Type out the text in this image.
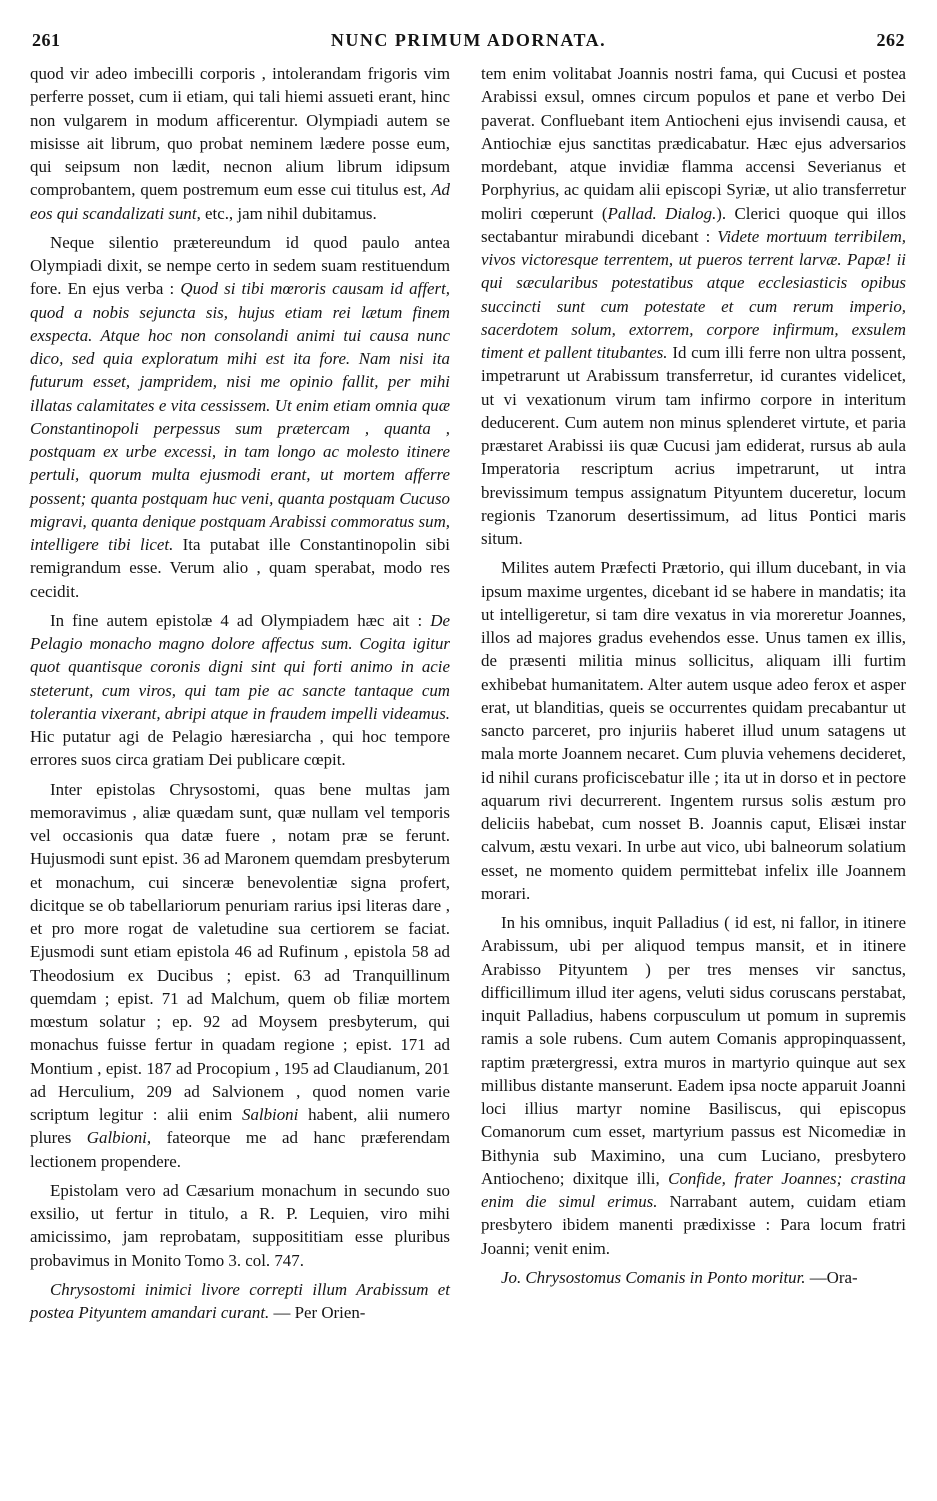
261	NUNC PRIMUM ADORNATA.	262

quod vir adeo imbecilli corporis , intolerandam frigoris vim perferre posset, cum ii etiam, qui tali hiemi assueti erant, hinc non vulgarem in modum afficerentur. Olympiadi autem se misisse ait librum, quo probat neminem lædere posse eum, qui seipsum non lædit, necnon alium librum idipsum comprobantem, quem postremum eum esse cui titulus est, Ad eos qui scandalizati sunt, etc., jam nihil dubitamus.

Neque silentio prætereundum id quod paulo antea Olympiadi dixit, se nempe certo in sedem suam restituendum fore. En ejus verba : Quod si tibi mœroris causam id affert, quod a nobis sejuncta sis, hujus etiam rei lætum finem exspecta. Atque hoc non consolandi animi tui causa nunc dico, sed quia exploratum mihi est ita fore. Nam nisi ita futurum esset, jampridem, nisi me opinio fallit, per mihi illatas calamitates e vita cessissem. Ut enim etiam omnia quæ Constantinopoli perpessus sum prætercam , quanta , postquam ex urbe excessi, in tam longo ac molesto itinere pertuli, quorum multa ejusmodi erant, ut mortem afferre possent; quanta postquam huc veni, quanta postquam Cucuso migravi, quanta denique postquam Arabissi commoratus sum, intelligere tibi licet. Ita putabat ille Constantinopolin sibi remigrandum esse. Verum alio , quam sperabat, modo res cecidit.

In fine autem epistolæ 4 ad Olympiadem hæc ait : De Pelagio monacho magno dolore affectus sum. Cogita igitur quot quantisque coronis digni sint qui forti animo in acie steterunt, cum viros, qui tam pie ac sancte tantaque cum tolerantia vixerant, abripi atque in fraudem impelli videamus. Hic putatur agi de Pelagio hæresiarcha , qui hoc tempore errores suos circa gratiam Dei publicare cœpit.

Inter epistolas Chrysostomi, quas bene multas jam memoravimus , aliæ quædam sunt, quæ nullam vel temporis vel occasionis qua datæ fuere , notam præ se ferunt. Hujusmodi sunt epist. 36 ad Maronem quemdam presbyterum et monachum, cui sinceræ benevolentiæ signa profert, dicitque se ob tabellariorum penuriam rarius ipsi literas dare , et pro more rogat de valetudine sua certiorem se faciat. Ejusmodi sunt etiam epistola 46 ad Rufinum , epistola 58 ad Theodosium ex Ducibus ; epist. 63 ad Tranquillinum quemdam ; epist. 71 ad Malchum, quem ob filiæ mortem mœstum solatur ; ep. 92 ad Moysem presbyterum, qui monachus fuisse fertur in quadam regione ; epist. 171 ad Montium , epist. 187 ad Procopium , 195 ad Claudianum, 201 ad Herculium, 209 ad Salvionem , quod nomen varie scriptum legitur : alii enim Salbioni habent, alii numero plures Galbioni, fateorque me ad hanc præferendam lectionem propendere.

Epistolam vero ad Cæsarium monachum in secundo suo exsilio, ut fertur in titulo, a R. P. Lequien, viro mihi amicissimo, jam reprobatam, supposititiam esse pluribus probavimus in Monito Tomo 3. col. 747.

Chrysostomi inimici livore correpti illum Arabissum et postea Pityuntem amandari curant. — Per Orien-

tem enim volitabat Joannis nostri fama, qui Cucusi et postea Arabissi exsul, omnes circum populos et pane et verbo Dei paverat. Confluebant item Antiocheni ejus invisendi causa, et Antiochiæ ejus sanctitas prædicabatur. Hæc ejus adversarios mordebant, atque invidiæ flamma accensi Severianus et Porphyrius, ac quidam alii episcopi Syriæ, ut alio transferretur moliri cœperunt (Pallad. Dialog.). Clerici quoque qui illos sectabantur mirabundi dicebant : Videte mortuum terribilem, vivos victoresque terrentem, ut pueros terrent larvæ. Papæ! ii qui sæcularibus potestatibus atque ecclesiasticis opibus succincti sunt cum potestate et cum rerum imperio, sacerdotem solum, extorrem, corpore infirmum, exsulem timent et pallent titubantes. Id cum illi ferre non ultra possent, impetrarunt ut Arabissum transferretur, id curantes videlicet, ut vi vexationum virum tam infirmo corpore in interitum deducerent. Cum autem non minus splenderet virtute, et paria præstaret Arabissi iis quæ Cucusi jam ediderat, rursus ab aula Imperatoria rescriptum acrius impetrarunt, ut intra brevissimum tempus assignatum Pityuntem duceretur, locum regionis Tzanorum desertissimum, ad litus Pontici maris situm.

Milites autem Præfecti Prætorio, qui illum ducebant, in via ipsum maxime urgentes, dicebant id se habere in mandatis; ita ut intelligeretur, si tam dire vexatus in via moreretur Joannes, illos ad majores gradus evehendos esse. Unus tamen ex illis, de præsenti militia minus sollicitus, aliquam illi furtim exhibebat humanitatem. Alter autem usque adeo ferox et asper erat, ut blanditias, queis se occurrentes quidam precabantur ut sancto parceret, pro injuriis haberet illud unum satagens ut mala morte Joannem necaret. Cum pluvia vehemens decideret, id nihil curans proficiscebatur ille ; ita ut in dorso et in pectore aquarum rivi decurrerent. Ingentem rursus solis æstum pro deliciis habebat, cum nosset B. Joannis caput, Elisæi instar calvum, æstu vexari. In urbe aut vico, ubi balneorum solatium esset, ne momento quidem permittebat infelix ille Joannem morari.

In his omnibus, inquit Palladius ( id est, ni fallor, in itinere Arabissum, ubi per aliquod tempus mansit, et in itinere Arabisso Pityuntem ) per tres menses vir sanctus, difficillimum illud iter agens, veluti sidus coruscans perstabat, inquit Palladius, habens corpusculum ut pomum in supremis ramis a sole rubens. Cum autem Comanis appropinquassent, raptim prætergressi, extra muros in martyrio quinque aut sex millibus distante manserunt. Eadem ipsa nocte apparuit Joanni loci illius martyr nomine Basiliscus, qui episcopus Comanorum cum esset, martyrium passus est Nicomediæ in Bithynia sub Maximino, una cum Luciano, presbytero Antiocheno; dixitque illi, Confide, frater Joannes; crastina enim die simul erimus. Narrabant autem, cuidam etiam presbytero ibidem manenti prædixisse : Para locum fratri Joanni; venit enim.

Jo. Chrysostomus Comanis in Ponto moritur. —Ora-
